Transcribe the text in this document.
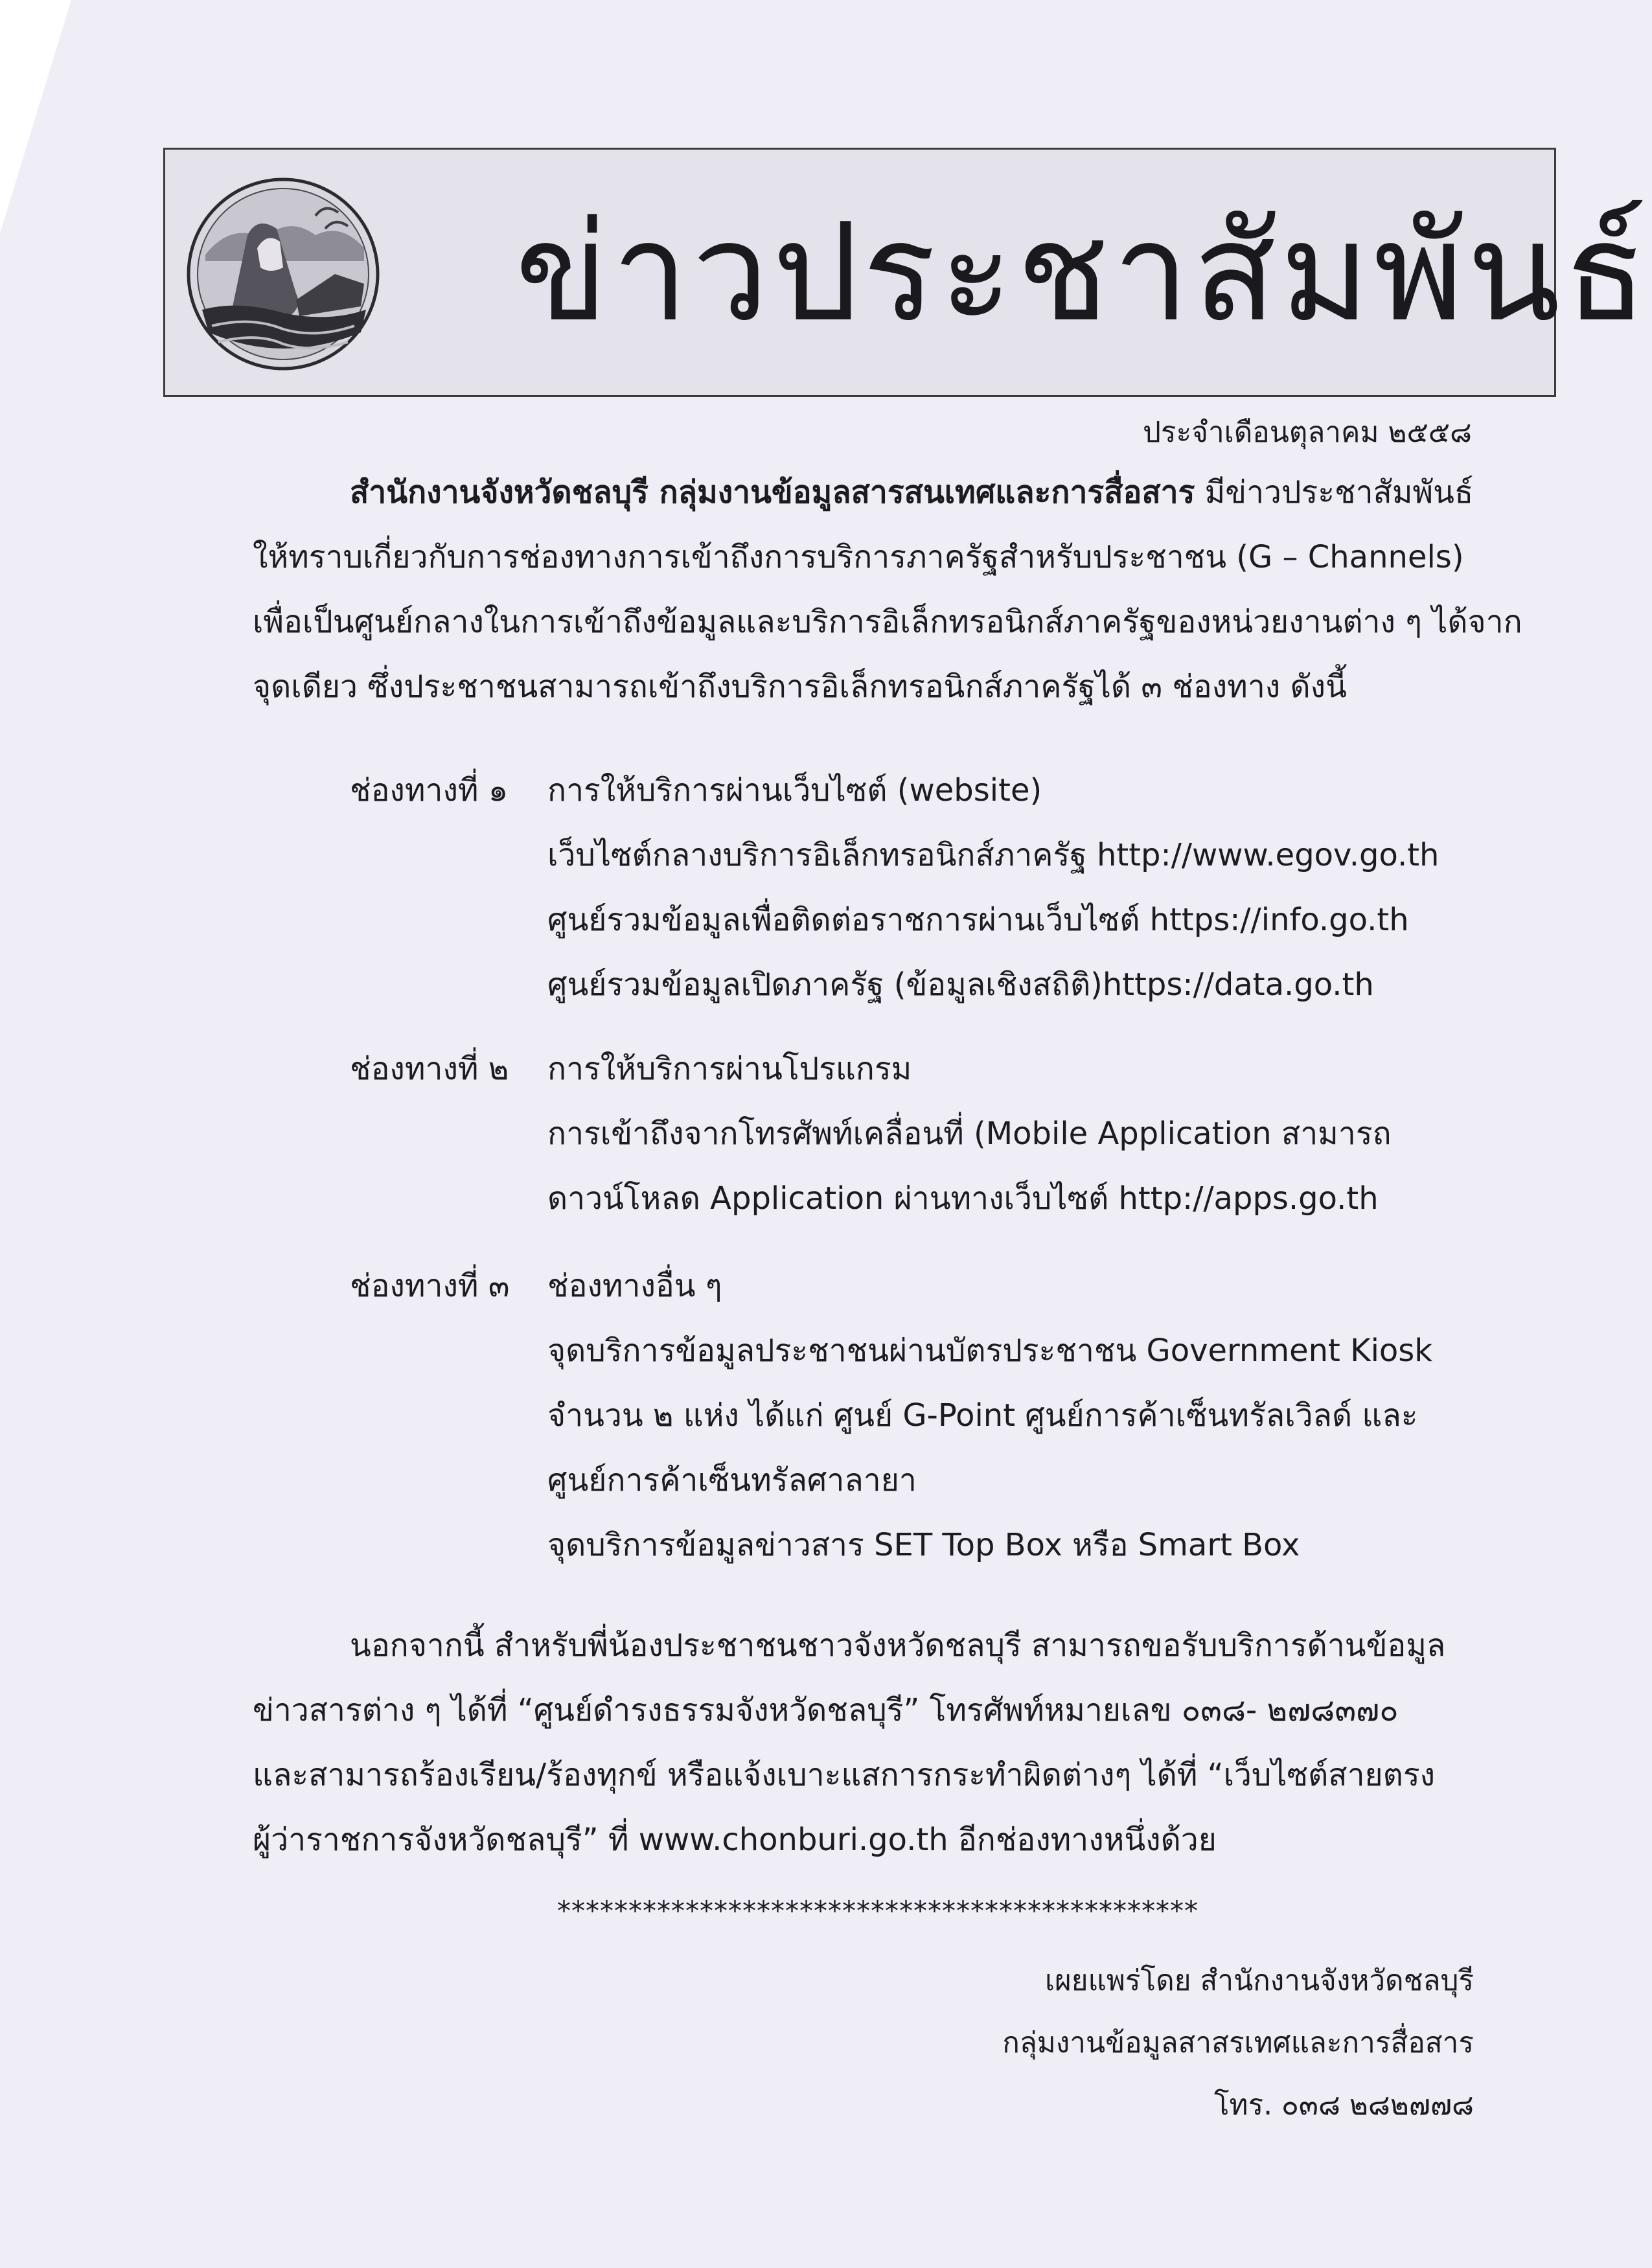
ข่าวประชาสัมพันธ์
ประจำเดือนตุลาคม ๒๕๕๘

สำนักงานจังหวัดชลบุรี กลุ่มงานข้อมูลสารสนเทศและการสื่อสาร มีข่าวประชาสัมพันธ์

ให้ทราบเกี่ยวกับการช่องทางการเข้าถึงการบริการภาครัฐสำหรับประชาชน (G – Channels)

เพื่อเป็นศูนย์กลางในการเข้าถึงข้อมูลและบริการอิเล็กทรอนิกส์ภาครัฐของหน่วยงานต่าง ๆ ได้จาก

จุดเดียว ซึ่งประชาชนสามารถเข้าถึงบริการอิเล็กทรอนิกส์ภาครัฐได้ ๓ ช่องทาง ดังนี้

ช่องทางที่ ๑ การให้บริการผ่านเว็บไซต์ (website)
เว็บไซต์กลางบริการอิเล็กทรอนิกส์ภาครัฐ http://www.egov.go.th
ศูนย์รวมข้อมูลเพื่อติดต่อราชการผ่านเว็บไซต์ https://info.go.th
ศูนย์รวมข้อมูลเปิดภาครัฐ (ข้อมูลเชิงสถิติ)https://data.go.th
ช่องทางที่ ๒ การให้บริการผ่านโปรแกรม
การเข้าถึงจากโทรศัพท์เคลื่อนที่ (Mobile Application สามารถ
ดาวน์โหลด Application ผ่านทางเว็บไซต์ http://apps.go.th
ช่องทางที่ ๓ ช่องทางอื่น ๆ
จุดบริการข้อมูลประชาชนผ่านบัตรประชาชน Government Kiosk
จำนวน ๒ แห่ง ได้แก่ ศูนย์ G-Point ศูนย์การค้าเซ็นทรัลเวิลด์ และ
ศูนย์การค้าเซ็นทรัลศาลายา
จุดบริการข้อมูลข่าวสาร SET Top Box หรือ Smart Box

นอกจากนี้ สำหรับพี่น้องประชาชนชาวจังหวัดชลบุรี สามารถขอรับบริการด้านข้อมูล

ข่าวสารต่าง ๆ ได้ที่ “ศูนย์ดำรงธรรมจังหวัดชลบุรี” โทรศัพท์หมายเลข ๐๓๘- ๒๗๘๓๗๐

และสามารถร้องเรียน/ร้องทุกข์ หรือแจ้งเบาะแสการกระทำผิดต่างๆ ได้ที่ “เว็บไซต์สายตรง

ผู้ว่าราชการจังหวัดชลบุรี” ที่ www.chonburi.go.th อีกช่องทางหนึ่งด้วย

*********************************************
เผยแพร่โดย สำนักงานจังหวัดชลบุรี
กลุ่มงานข้อมูลสาสรเทศและการสื่อสาร
โทร. ๐๓๘ ๒๘๒๗๗๘
